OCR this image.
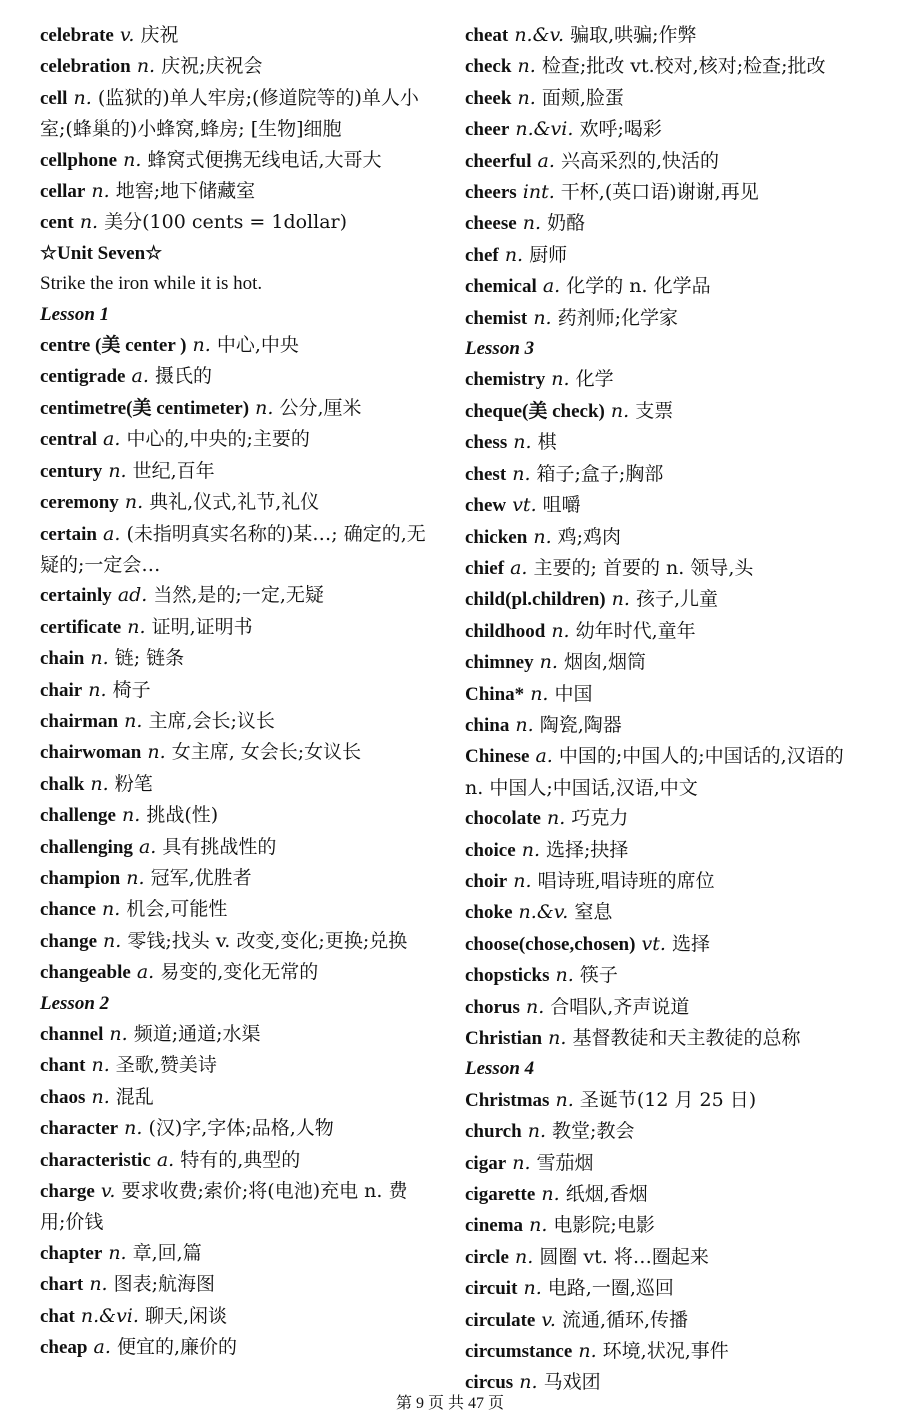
celebrate v. 庆祝

celebration n. 庆祝;庆祝会

cell n. (监狱的)单人牢房;(修道院等的)单人小室;(蜂巢的)小蜂窝,蜂房; [生物]细胞

cellphone n. 蜂窝式便携无线电话,大哥大

cellar n. 地窖;地下储藏室

cent n. 美分(100 cents = 1dollar)

☆Unit Seven☆

Strike the iron while it is hot.

Lesson 1

centre (美 center ) n. 中心,中央

centigrade a. 摄氏的

centimetre(美 centimeter) n. 公分,厘米

central a. 中心的,中央的;主要的

century n. 世纪,百年

ceremony n. 典礼,仪式,礼节,礼仪

certain a. (未指明真实名称的)某…; 确定的,无疑的;一定会…

certainly ad. 当然,是的;一定,无疑

certificate n. 证明,证明书

chain n. 链; 链条

chair n. 椅子

chairman n. 主席,会长;议长

chairwoman n. 女主席, 女会长;女议长

chalk n. 粉笔

challenge n. 挑战(性)

challenging a. 具有挑战性的

champion n. 冠军,优胜者

chance n. 机会,可能性

change n. 零钱;找头 v. 改变,变化;更换;兑换

changeable a. 易变的,变化无常的

Lesson 2

channel n. 频道;通道;水渠

chant n. 圣歌,赞美诗

chaos n. 混乱

character n. (汉)字,字体;品格,人物

characteristic a. 特有的,典型的

charge v. 要求收费;索价;将(电池)充电 n. 费用;价钱

chapter n. 章,回,篇

chart n. 图表;航海图

chat n.&vi. 聊天,闲谈

cheap a. 便宜的,廉价的

cheat n.&v. 骗取,哄骗;作弊

check n. 检查;批改 vt.校对,核对;检查;批改

cheek n. 面颊,脸蛋

cheer n.&vi. 欢呼;喝彩

cheerful a. 兴高采烈的,快活的

cheers int. 干杯,(英口语)谢谢,再见

cheese n. 奶酪

chef n. 厨师

chemical a. 化学的 n. 化学品

chemist n. 药剂师;化学家

Lesson 3

chemistry n. 化学

cheque(美 check) n. 支票

chess n. 棋

chest n. 箱子;盒子;胸部

chew vt. 咀嚼

chicken n. 鸡;鸡肉

chief a. 主要的; 首要的 n. 领导,头

child(pl.children) n. 孩子,儿童

childhood n. 幼年时代,童年

chimney n. 烟囱,烟筒

China* n. 中国

china n. 陶瓷,陶器

Chinese a. 中国的;中国人的;中国话的,汉语的 n. 中国人;中国话,汉语,中文

chocolate n. 巧克力

choice n. 选择;抉择

choir n. 唱诗班,唱诗班的席位

choke n.&v. 窒息

choose(chose,chosen) vt. 选择

chopsticks n. 筷子

chorus n. 合唱队,齐声说道

Christian n. 基督教徒和天主教徒的总称

Lesson 4

Christmas n. 圣诞节(12 月 25 日)

church n. 教堂;教会

cigar n. 雪茄烟

cigarette n. 纸烟,香烟

cinema n. 电影院;电影

circle n. 圆圈 vt. 将…圈起来

circuit n. 电路,一圈,巡回

circulate v. 流通,循环,传播

circumstance n. 环境,状况,事件

circus n. 马戏团

第 9 页 共 47 页
